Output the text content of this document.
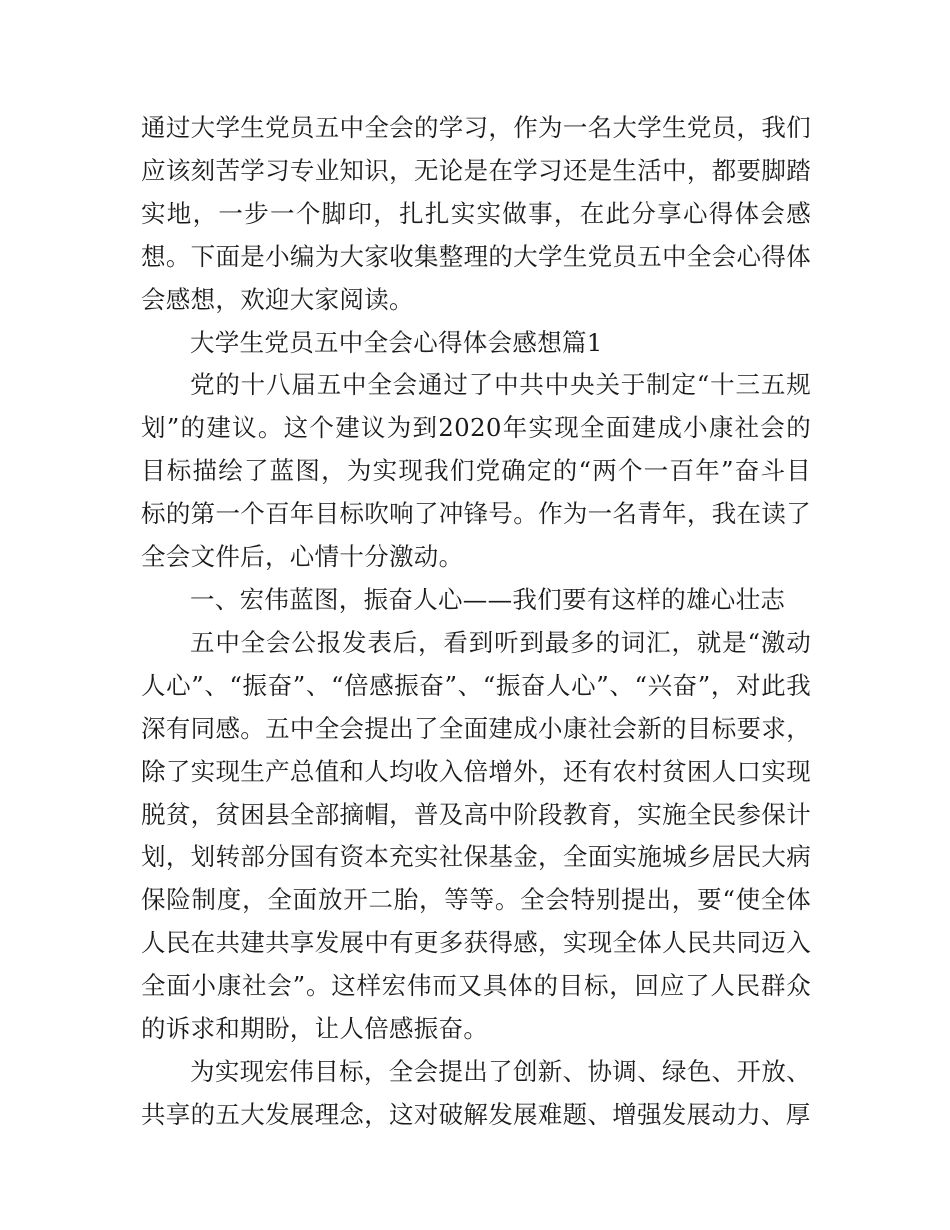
通过大学生党员五中全会的学习，作为一名大学生党员，我们应该刻苦学习专业知识，无论是在学习还是生活中，都要脚踏实地，一步一个脚印，扎扎实实做事，在此分享心得体会感想。下面是小编为大家收集整理的大学生党员五中全会心得体会感想，欢迎大家阅读。

大学生党员五中全会心得体会感想篇1

党的十八届五中全会通过了中共中央关于制定“十三五规划”的建议。这个建议为到2020年实现全面建成小康社会的目标描绘了蓝图，为实现我们党确定的“两个一百年”奋斗目标的第一个百年目标吹响了冲锋号。作为一名青年，我在读了全会文件后，心情十分激动。

一、宏伟蓝图，振奋人心——我们要有这样的雄心壮志

五中全会公报发表后，看到听到最多的词汇，就是“激动人心”、“振奋”、“倍感振奋”、“振奋人心”、“兴奋”，对此我深有同感。五中全会提出了全面建成小康社会新的目标要求，除了实现生产总值和人均收入倍增外，还有农村贫困人口实现脱贫，贫困县全部摘帽，普及高中阶段教育，实施全民参保计划，划转部分国有资本充实社保基金，全面实施城乡居民大病保险制度，全面放开二胎，等等。全会特别提出，要“使全体人民在共建共享发展中有更多获得感，实现全体人民共同迈入全面小康社会”。这样宏伟而又具体的目标，回应了人民群众的诉求和期盼，让人倍感振奋。

为实现宏伟目标，全会提出了创新、协调、绿色、开放、共享的五大发展理念，这对破解发展难题、增强发展动力、厚
